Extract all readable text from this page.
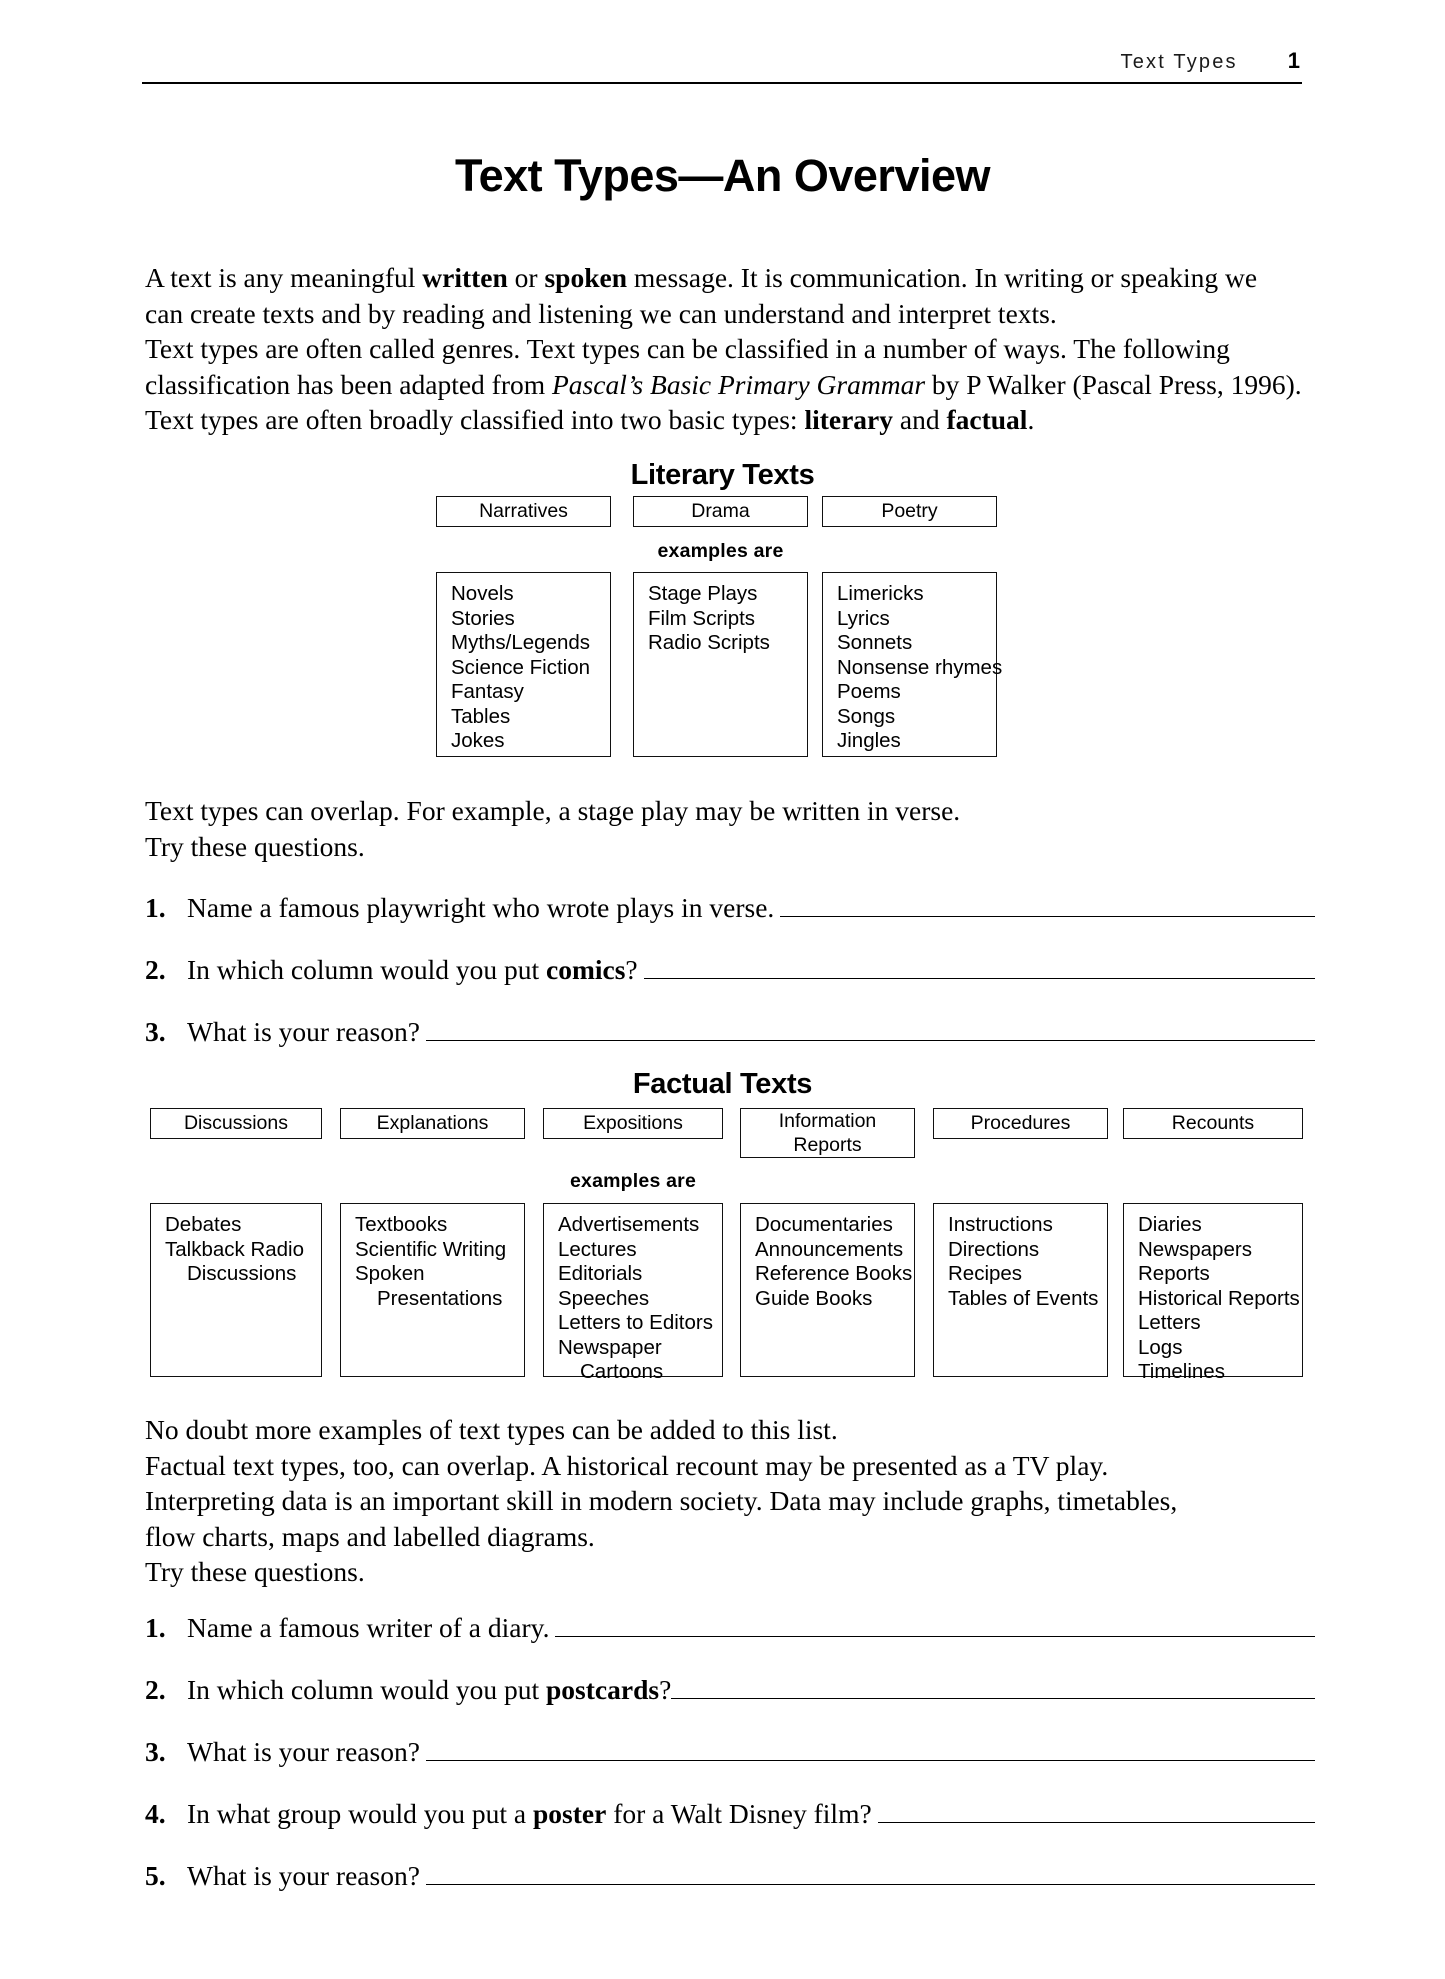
Text Types 1
Text Types—An Overview
A text is any meaningful written or spoken message. It is communication. In writing or speaking we
can create texts and by reading and listening we can understand and interpret texts.
Text types are often called genres. Text types can be classified in a number of ways. The following
classification has been adapted from Pascal’s Basic Primary Grammar by P Walker (Pascal Press, 1996).
Text types are often broadly classified into two basic types: literary and factual.
Literary Texts
Narratives	Drama	Poetry
examples are
Novels
Stories
Myths/Legends
Science Fiction
Fantasy
Tables
Jokes
Stage Plays
Film Scripts
Radio Scripts
Limericks
Lyrics
Sonnets
Nonsense rhymes
Poems
Songs
Jingles
Text types can overlap. For example, a stage play may be written in verse.
Try these questions.
1. Name a famous playwright who wrote plays in verse.
2. In which column would you put comics?
3. What is your reason?
Factual Texts
Discussions	Explanations	Expositions	Information Reports
Procedures	Recounts
examples are
Debates
Talkback Radio
Discussions
Textbooks
Scientific Writing
Spoken
Presentations
Advertisements
Lectures
Editorials
Speeches
Letters to Editors
Newspaper
Cartoons
Documentaries
Announcements
Reference Books
Guide Books
Instructions
Directions
Recipes
Tables of Events
Diaries
Newspapers
Reports
Historical Reports
Letters
Logs
Timelines
No doubt more examples of text types can be added to this list.
Factual text types, too, can overlap. A historical recount may be presented as a TV play.
Interpreting data is an important skill in modern society. Data may include graphs, timetables,
flow charts, maps and labelled diagrams.
Try these questions.
1. Name a famous writer of a diary.
2. In which column would you put postcards?
3. What is your reason?
4. In what group would you put a poster for a Walt Disney film?
5. What is your reason?
